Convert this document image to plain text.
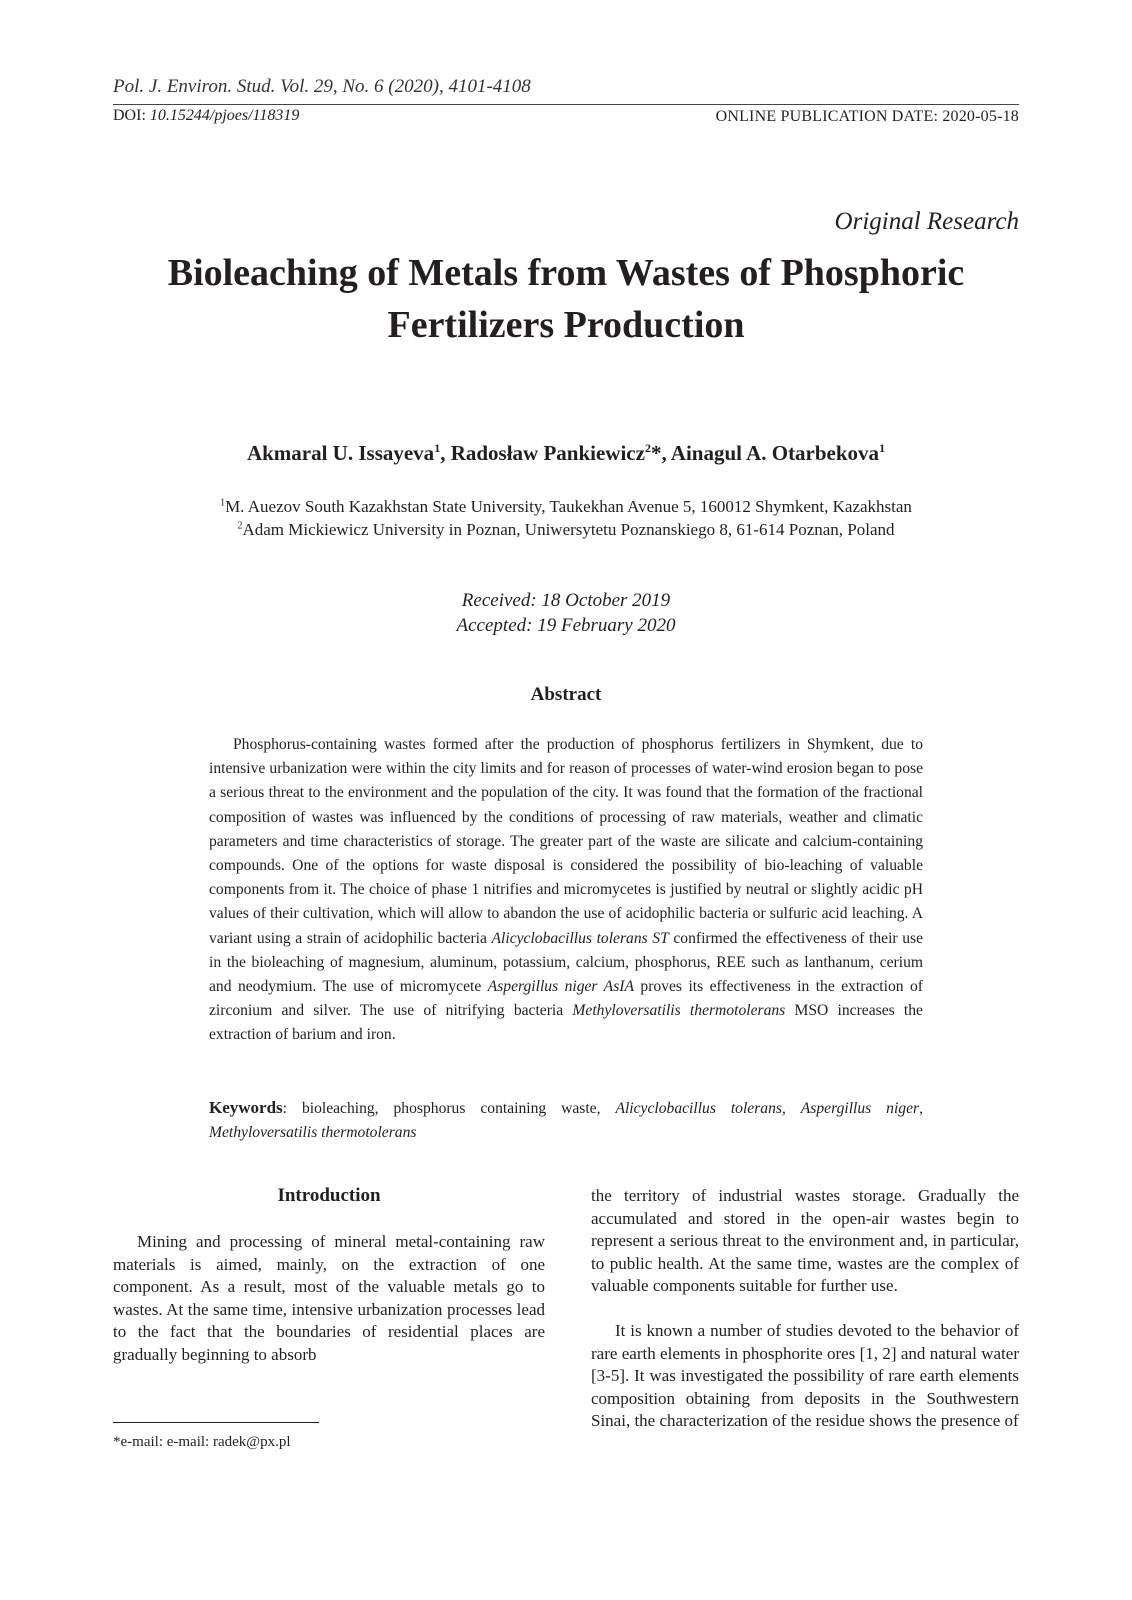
Pol. J. Environ. Stud. Vol. 29, No. 6 (2020), 4101-4108
DOI: 10.15244/pjoes/118319	ONLINE PUBLICATION DATE: 2020-05-18
Original Research
Bioleaching of Metals from Wastes of Phosphoric
Fertilizers Production
Akmaral U. Issayeva$^1$, Radosław Pankiewicz$^2$*, Ainagul A. Otarbekova$^1$
$^1$M. Auezov South Kazakhstan State University, Taukekhan Avenue 5, 160012 Shymkent, Kazakhstan
$^2$Adam Mickiewicz University in Poznan, Uniwersytetu Poznanskiego 8, 61-614 Poznan, Poland
Received: 18 October 2019
Accepted: 19 February 2020
Abstract

Phosphorus-containing wastes formed after the production of phosphorus fertilizers in Shymkent, due to intensive urbanization were within the city limits and for reason of processes of water-wind erosion began to pose a serious threat to the environment and the population of the city. It was found that the formation of the fractional composition of wastes was influenced by the conditions of processing of raw materials, weather and climatic parameters and time characteristics of storage. The greater part of the waste are silicate and calcium-containing compounds. One of the options for waste disposal is considered the possibility of bio-leaching of valuable components from it. The choice of phase 1 nitrifies and micromycetes is justified by neutral or slightly acidic pH values of their cultivation, which will allow to abandon the use of acidophilic bacteria or sulfuric acid leaching. A variant using a strain of acidophilic bacteria Alicyclobacillus tolerans ST confirmed the effectiveness of their use in the bioleaching of magnesium, aluminum, potassium, calcium, phosphorus, REE such as lanthanum, cerium and neodymium. The use of micromycete Aspergillus niger AsIA proves its effectiveness in the extraction of zirconium and silver. The use of nitrifying bacteria Methyloversatilis thermotolerans MSO increases the extraction of barium and iron.

Keywords: bioleaching, phosphorus containing waste, Alicyclobacillus tolerans, Aspergillus niger, Methyloversatilis thermotolerans

Introduction

Mining and processing of mineral metal-containing raw materials is aimed, mainly, on the extraction of one component. As a result, most of the valuable metals go to wastes. At the same time, intensive urbanization processes lead to the fact that the boundaries of residential places are gradually beginning to absorb

the territory of industrial wastes storage. Gradually the accumulated and stored in the open-air wastes begin to represent a serious threat to the environment and, in particular, to public health. At the same time, wastes are the complex of valuable components suitable for further use.

It is known a number of studies devoted to the behavior of rare earth elements in phosphorite ores [1, 2] and natural water [3-5]. It was investigated the possibility of rare earth elements composition obtaining from deposits in the Southwestern Sinai, the characterization of the residue shows the presence of

*e-mail: e-mail: radek@px.pl
